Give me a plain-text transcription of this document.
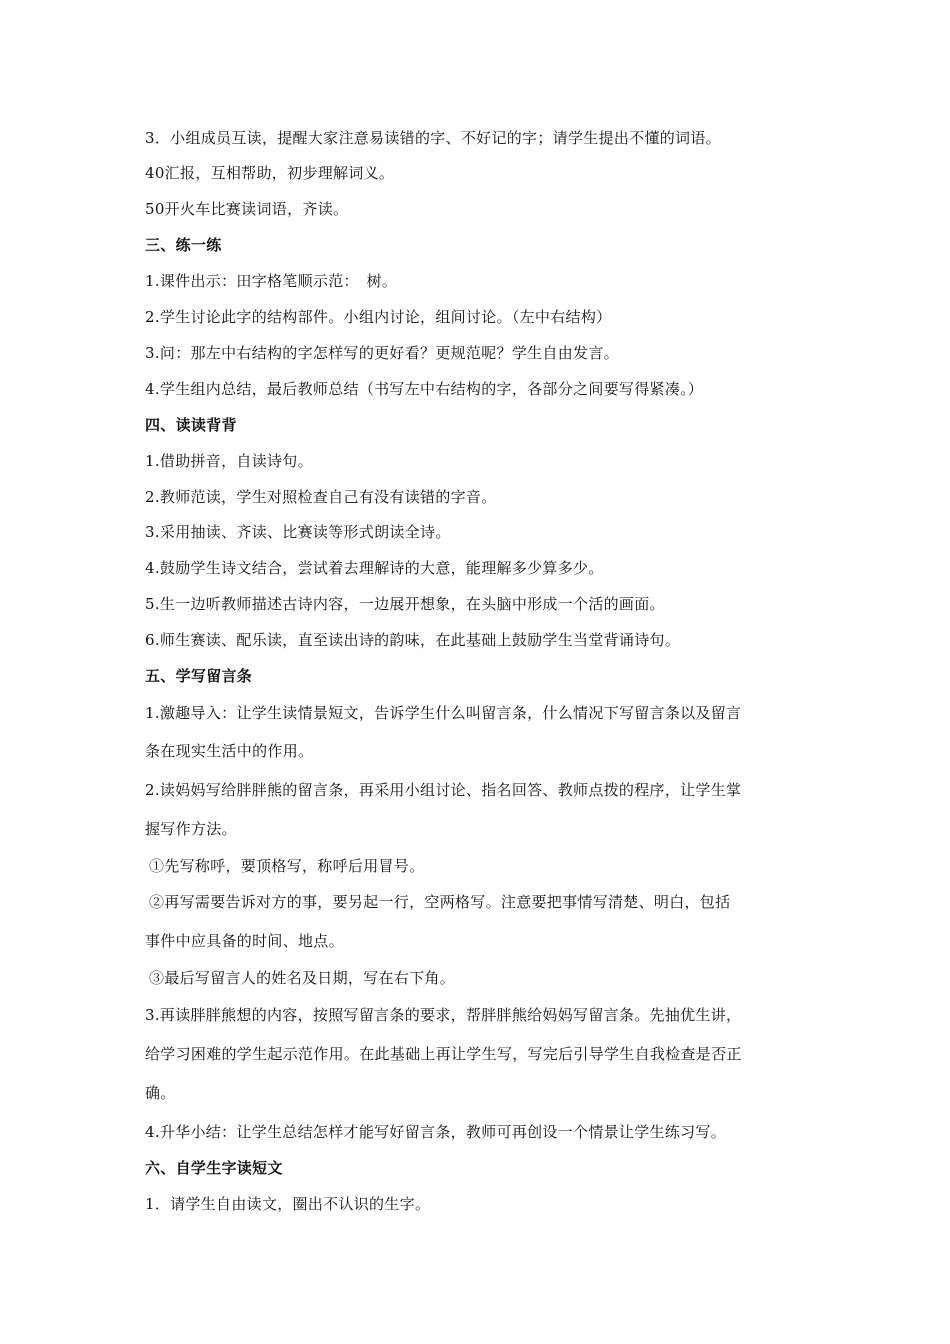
3．小组成员互读，提醒大家注意易读错的字、不好记的字；请学生提出不懂的词语。
40汇报，互相帮助，初步理解词义。
50开火车比赛读词语，齐读。
三、练一练
1.课件出示：田字格笔顺示范：　树。
2.学生讨论此字的结构部件。小组内讨论，组间讨论。（左中右结构）
3.问：那左中右结构的字怎样写的更好看？更规范呢？学生自由发言。
4.学生组内总结，最后教师总结（书写左中右结构的字，各部分之间要写得紧凑。）
四、读读背背
1.借助拼音，自读诗句。
2.教师范读，学生对照检查自己有没有读错的字音。
3.采用抽读、齐读、比赛读等形式朗读全诗。
4.鼓励学生诗文结合，尝试着去理解诗的大意，能理解多少算多少。
5.生一边听教师描述古诗内容，一边展开想象，在头脑中形成一个活的画面。
6.师生赛读、配乐读，直至读出诗的韵味，在此基础上鼓励学生当堂背诵诗句。
五、学写留言条
1.激趣导入：让学生读情景短文，告诉学生什么叫留言条，什么情况下写留言条以及留言
条在现实生活中的作用。
2.读妈妈写给胖胖熊的留言条，再采用小组讨论、指名回答、教师点拨的程序，让学生掌
握写作方法。
①先写称呼，要顶格写，称呼后用冒号。
②再写需要告诉对方的事，要另起一行，空两格写。注意要把事情写清楚、明白，包括
事件中应具备的时间、地点。
③最后写留言人的姓名及日期，写在右下角。
3.再读胖胖熊想的内容，按照写留言条的要求，帮胖胖熊给妈妈写留言条。先抽优生讲，
给学习困难的学生起示范作用。在此基础上再让学生写，写完后引导学生自我检查是否正
确。
4.升华小结：让学生总结怎样才能写好留言条，教师可再创设一个情景让学生练习写。
六、自学生字读短文
1．请学生自由读文，圈出不认识的生字。
